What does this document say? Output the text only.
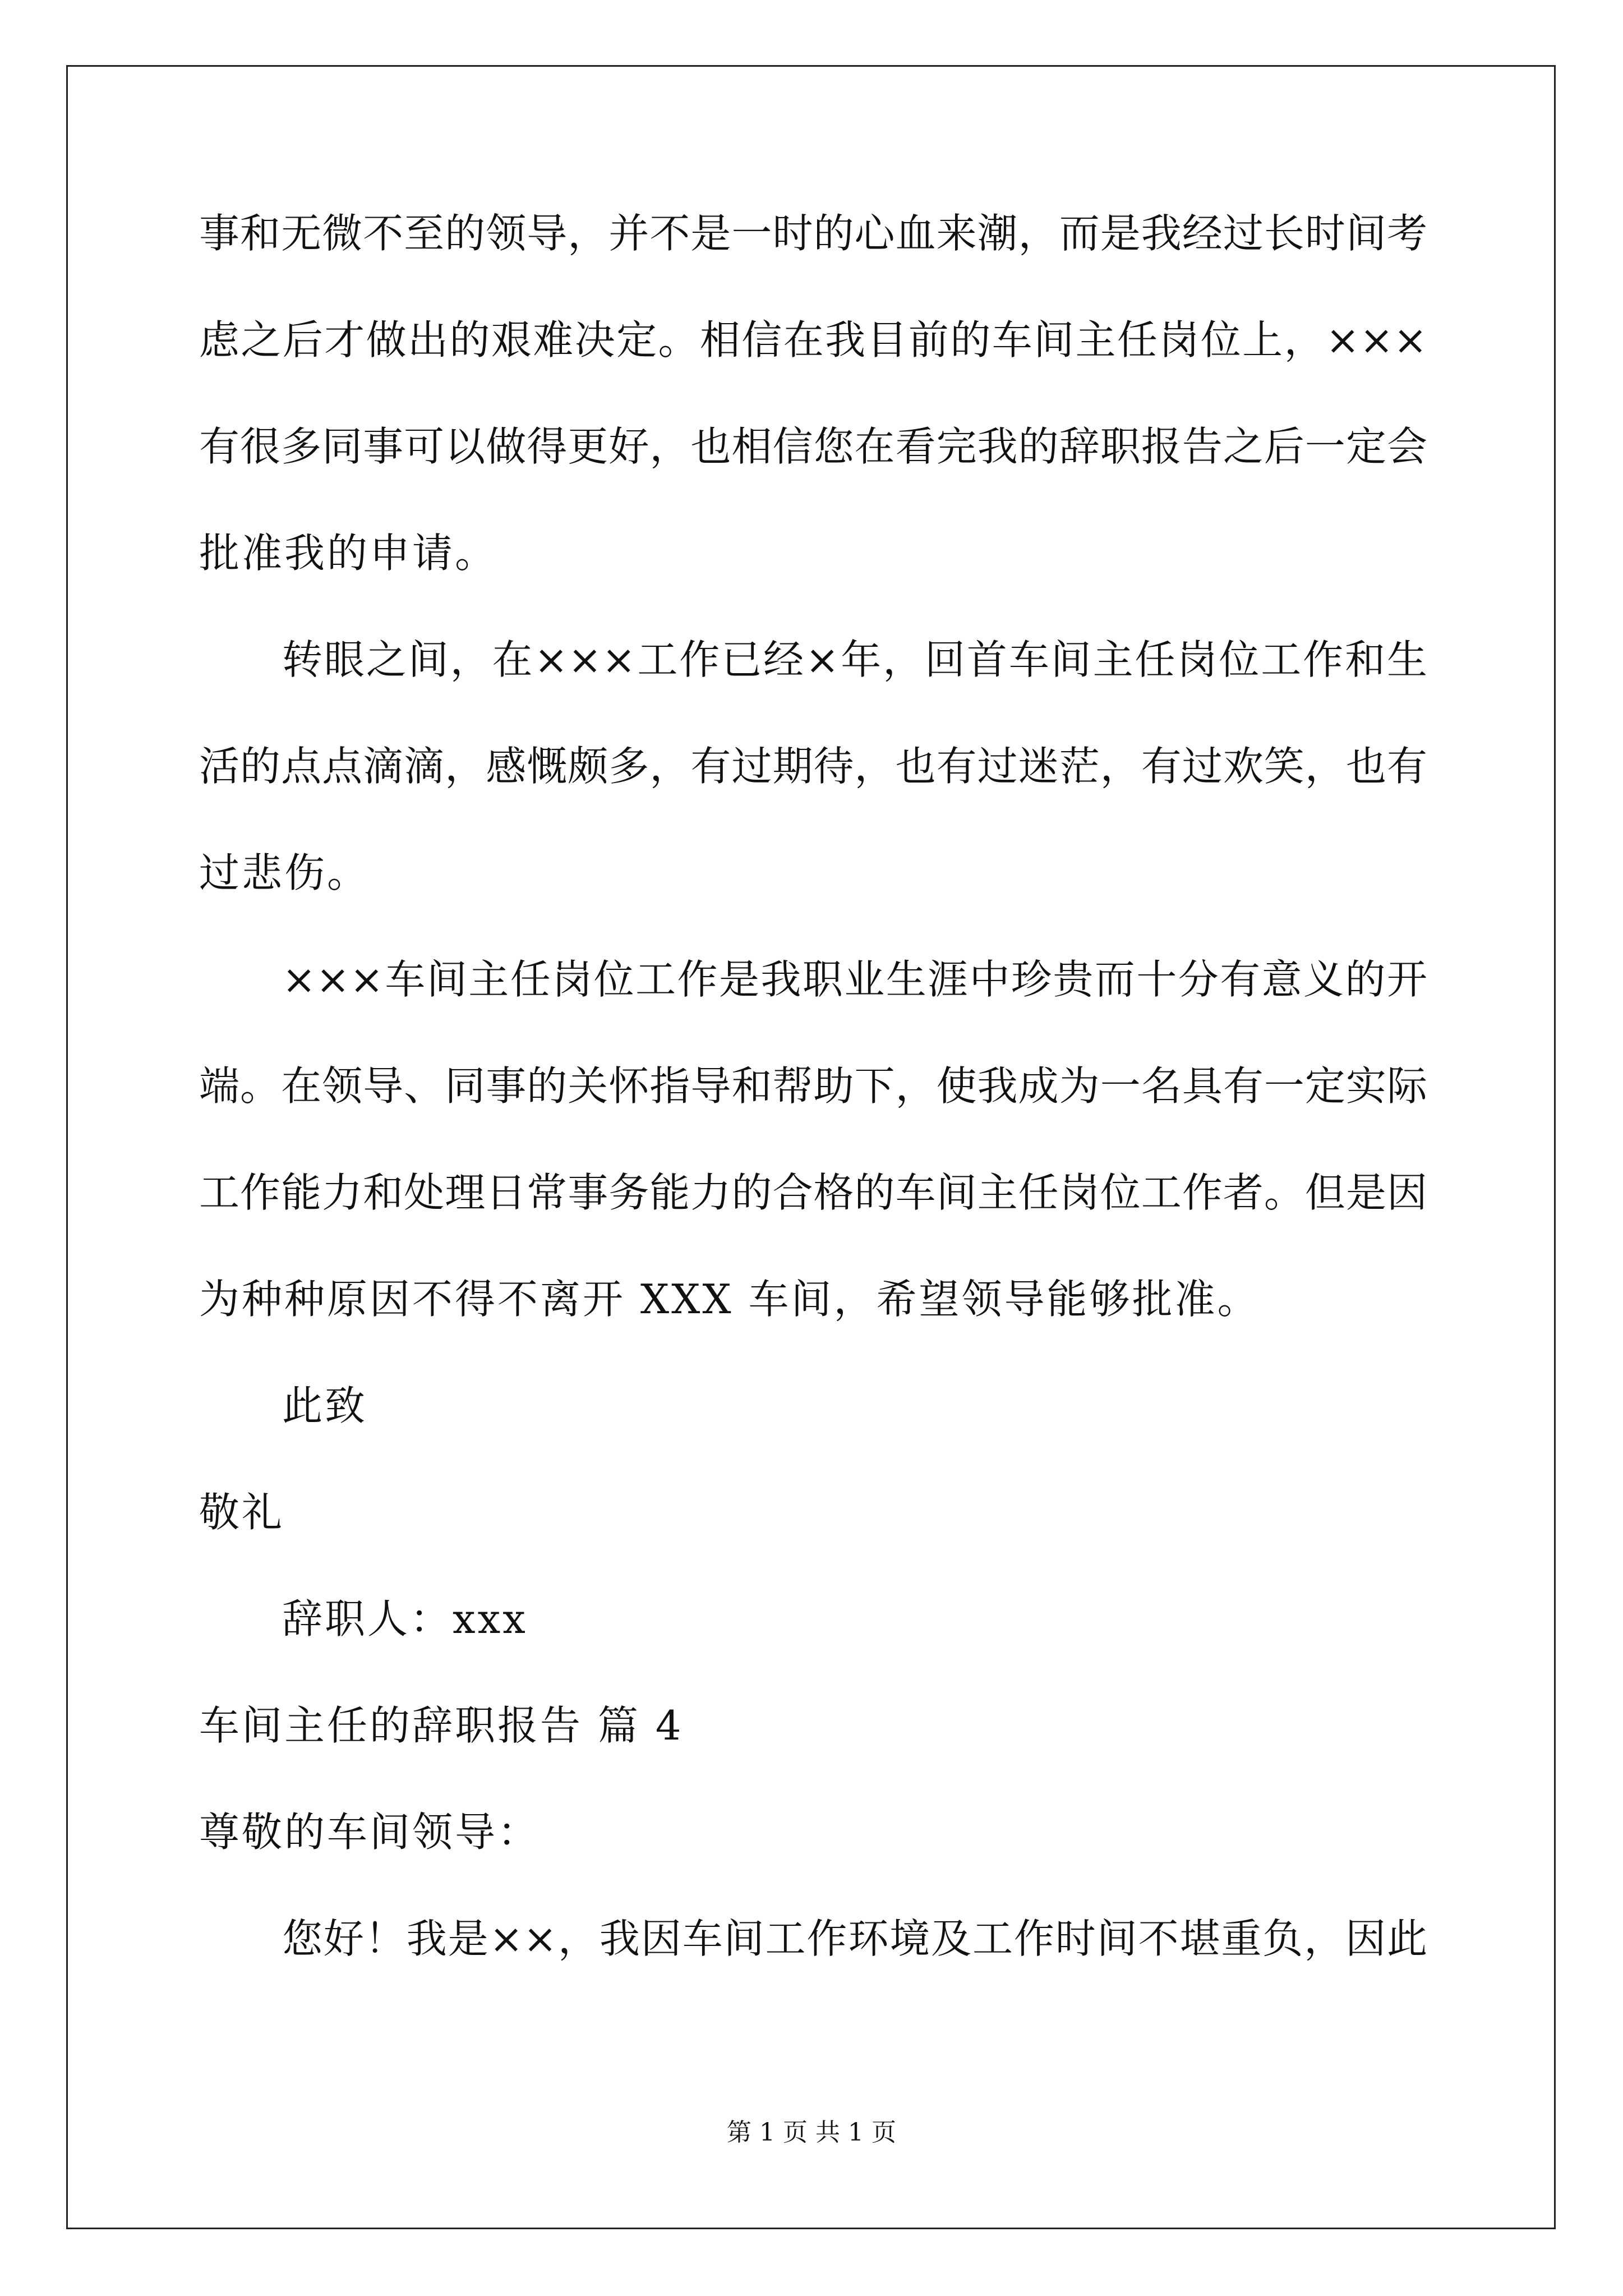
事和无微不至的领导，并不是一时的心血来潮，而是我经过长时间考
虑之后才做出的艰难决定。相信在我目前的车间主任岗位上，×××
有很多同事可以做得更好，也相信您在看完我的辞职报告之后一定会
批准我的申请。
转眼之间，在×××工作已经×年，回首车间主任岗位工作和生
活的点点滴滴，感慨颇多，有过期待，也有过迷茫，有过欢笑，也有
过悲伤。
×××车间主任岗位工作是我职业生涯中珍贵而十分有意义的开
端。在领导、同事的关怀指导和帮助下，使我成为一名具有一定实际
工作能力和处理日常事务能力的合格的车间主任岗位工作者。但是因
为种种原因不得不离开 XXX 车间，希望领导能够批准。
此致
敬礼
辞职人：xxx
车间主任的辞职报告 篇 4
尊敬的车间领导：
您好！我是××，我因车间工作环境及工作时间不堪重负，因此
第 1 页 共 1 页
